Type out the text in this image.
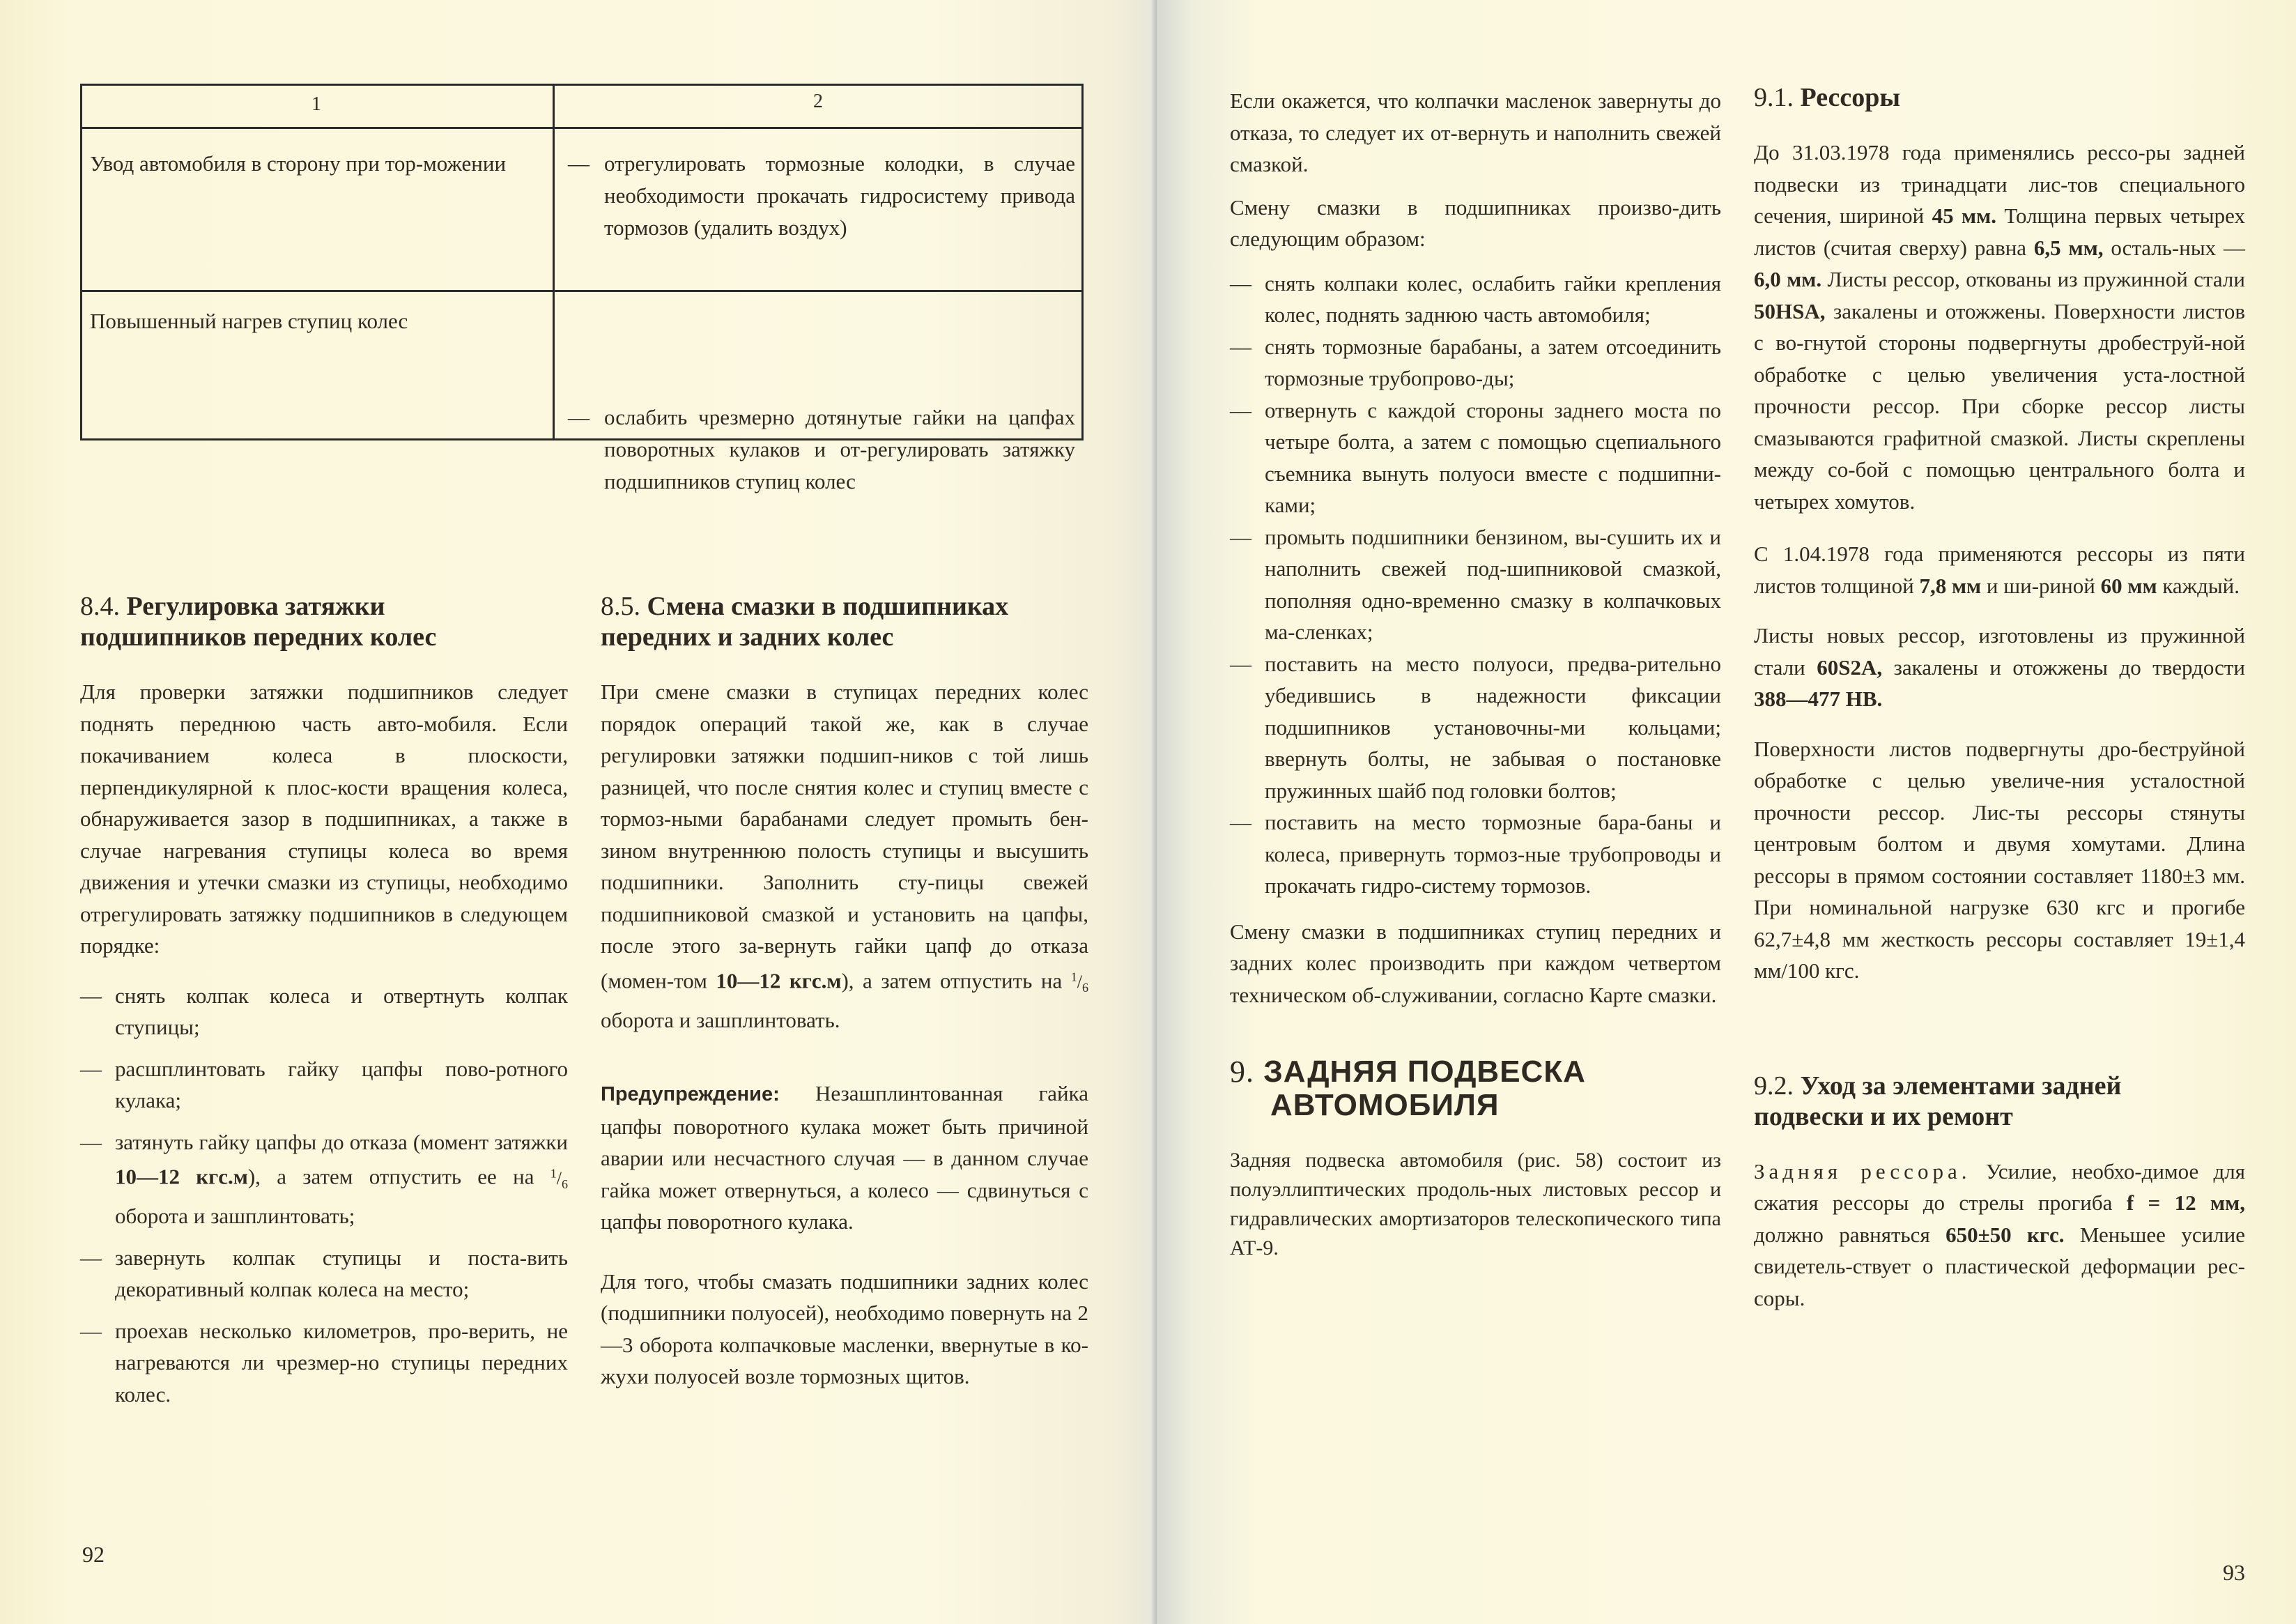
1	2
Увод автомобиля в сторону при тор-можении	— отрегулировать тормозные колодки, в случае необходимости прокачать гидросистему привода тормозов (удалить воздух)
Повышенный нагрев ступиц колес
— ослабить чрезмерно дотянутые гайки на цапфах поворотных кулаков и от-регулировать затяжку подшипников ступиц колес
8.4. Регулировка затяжки
подшипников передних колес

Для проверки затяжки подшипников следует поднять переднюю часть авто-мобиля. Если покачиванием колеса в плоскости, перпендикулярной к плос-кости вращения колеса, обнаруживается зазор в подшипниках, а также в случае нагревания ступицы колеса во время движения и утечки смазки из ступицы, необходимо отрегулировать затяжку подшипников в следующем порядке:

— снять колпак колеса и отвертнуть колпак ступицы;
— расшплинтовать гайку цапфы пово-ротного кулака;
— затянуть гайку цапфы до отказа (момент затяжки 10—12 кгс.м), а затем отпустить ее на $^1/_6$ оборота и зашплинтовать;
— завернуть колпак ступицы и поста-вить декоративный колпак колеса на место;
— проехав несколько километров, про-верить, не нагреваются ли чрезмер-но ступицы передних колес.
8.5. Смена смазки в подшипниках
передних и задних колес

При смене смазки в ступицах передних колес порядок операций такой же, как в случае регулировки затяжки подшип-ников с той лишь разницей, что после снятия колес и ступиц вместе с тормоз-ными барабанами следует промыть бен-зином внутреннюю полость ступицы и высушить подшипники. Заполнить сту-пицы свежей подшипниковой смазкой и установить на цапфы, после этого за-вернуть гайки цапф до отказа (момен-том 10—12 кгс.м), а затем отпустить на $^1/_6$ оборота и зашплинтовать.

Предупреждение: Незашплинтованная гайка цапфы поворотного кулака может быть причиной аварии или несчастного случая — в данном случае гайка может отвернуться, а колесо — сдвинуться с цапфы поворотного кулака.

Для того, чтобы смазать подшипники задних колес (подшипники полуосей), необходимо повернуть на 2—3 оборота колпачковые масленки, ввернутые в ко-жухи полуосей возле тормозных щитов.

92

Если окажется, что колпачки масленок завернуты до отказа, то следует их от-вернуть и наполнить свежей смазкой.

Смену смазки в подшипниках произво-дить следующим образом:

— снять колпаки колес, ослабить гайки крепления колес, поднять заднюю часть автомобиля;
— снять тормозные барабаны, а затем отсоединить тормозные трубопрово-ды;
— отвернуть с каждой стороны заднего моста по четыре болта, а затем с помощью сцепиального съемника вынуть полуоси вместе с подшипни-ками;
— промыть подшипники бензином, вы-сушить их и наполнить свежей под-шипниковой смазкой, пополняя одно-временно смазку в колпачковых ма-сленках;
— поставить на место полуоси, предва-рительно убедившись в надежности фиксации подшипников установочны-ми кольцами; ввернуть болты, не забывая о постановке пружинных шайб под головки болтов;
— поставить на место тормозные бара-баны и колеса, привернуть тормоз-ные трубопроводы и прокачать гидро-систему тормозов.

Смену смазки в подшипниках ступиц передних и задних колес производить при каждом четвертом техническом об-служивании, согласно Карте смазки.

9. ЗАДНЯЯ ПОДВЕСКА
АВТОМОБИЛЯ

Задняя подвеска автомобиля (рис. 58) состоит из полуэллиптических продоль-ных листовых рессор и гидравлических амортизаторов телескопического типа АТ-9.

9.1. Рессоры

До 31.03.1978 года применялись рессо-ры задней подвески из тринадцати лис-тов специального сечения, шириной 45 мм. Толщина первых четырех листов (считая сверху) равна 6,5 мм, осталь-ных — 6,0 мм. Листы рессор, откованы из пружинной стали 50HSA, закалены и отожжены. Поверхности листов с во-гнутой стороны подвергнуты дробеструй-ной обработке с целью увеличения уста-лостной прочности рессор. При сборке рессор листы смазываются графитной смазкой. Листы скреплены между со-бой с помощью центрального болта и четырех хомутов.

С 1.04.1978 года применяются рессоры из пяти листов толщиной 7,8 мм и ши-риной 60 мм каждый.

Листы новых рессор, изготовлены из пружинной стали 60S2A, закалены и отожжены до твердости 388—477 НВ.

Поверхности листов подвергнуты дро-беструйной обработке с целью увеличе-ния усталостной прочности рессор. Лис-ты рессоры стянуты центровым болтом и двумя хомутами. Длина рессоры в прямом состоянии составляет 1180±3 мм. При номинальной нагрузке 630 кгс и прогибе 62,7±4,8 мм жесткость рессоры составляет 19±1,4 мм/100 кгс.

9.2. Уход за элементами задней
подвески и их ремонт

Задняя рессора. Усилие, необхо-димое для сжатия рессоры до стрелы прогиба f = 12 мм, должно равняться 650±50 кгс. Меньшее усилие свидетель-ствует о пластической деформации рес-соры.

93
